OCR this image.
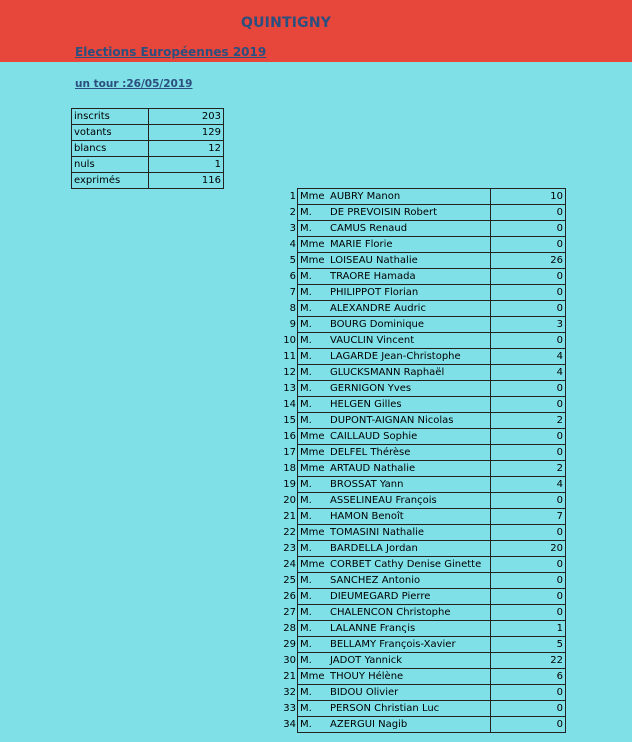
QUINTIGNY
Elections Européennes 2019
un tour :26/05/2019
inscrits	203
votants	129
blancs	12
nuls	1
exprimés	116
1	Mme AUBRY Manon	10
2	M. DE PREVOISIN Robert	0
3	M. CAMUS Renaud	0
4	Mme MARIE Florie	0
5	Mme LOISEAU Nathalie	26
6	M. TRAORE Hamada	0
7	M. PHILIPPOT Florian	0
8	M. ALEXANDRE Audric	0
9	M. BOURG Dominique	3
10	M. VAUCLIN Vincent	0
11	M. LAGARDE Jean-Christophe	4
12	M. GLUCKSMANN Raphaël	4
13	M. GERNIGON Yves	0
14	M. HELGEN Gilles	0
15	M. DUPONT-AIGNAN Nicolas	2
16	Mme CAILLAUD Sophie	0
17	Mme DELFEL Thérèse	0
18	Mme ARTAUD Nathalie	2
19	M. BROSSAT Yann	4
20	M. ASSELINEAU François	0
21	M. HAMON Benoît	7
22	Mme TOMASINI Nathalie	0
23	M. BARDELLA Jordan	20
24	Mme CORBET Cathy Denise Ginette	0
25	M. SANCHEZ Antonio	0
26	M. DIEUMEGARD Pierre	0
27	M. CHALENCON Christophe	0
28	M. LALANNE Franςis	1
29	M. BELLAMY François-Xavier	5
30	M. JADOT Yannick	22
21	Mme THOUY Hélène	6
32	M. BIDOU Olivier	0
33	M. PERSON Christian Luc	0
34	M. AZERGUI Nagib	0
